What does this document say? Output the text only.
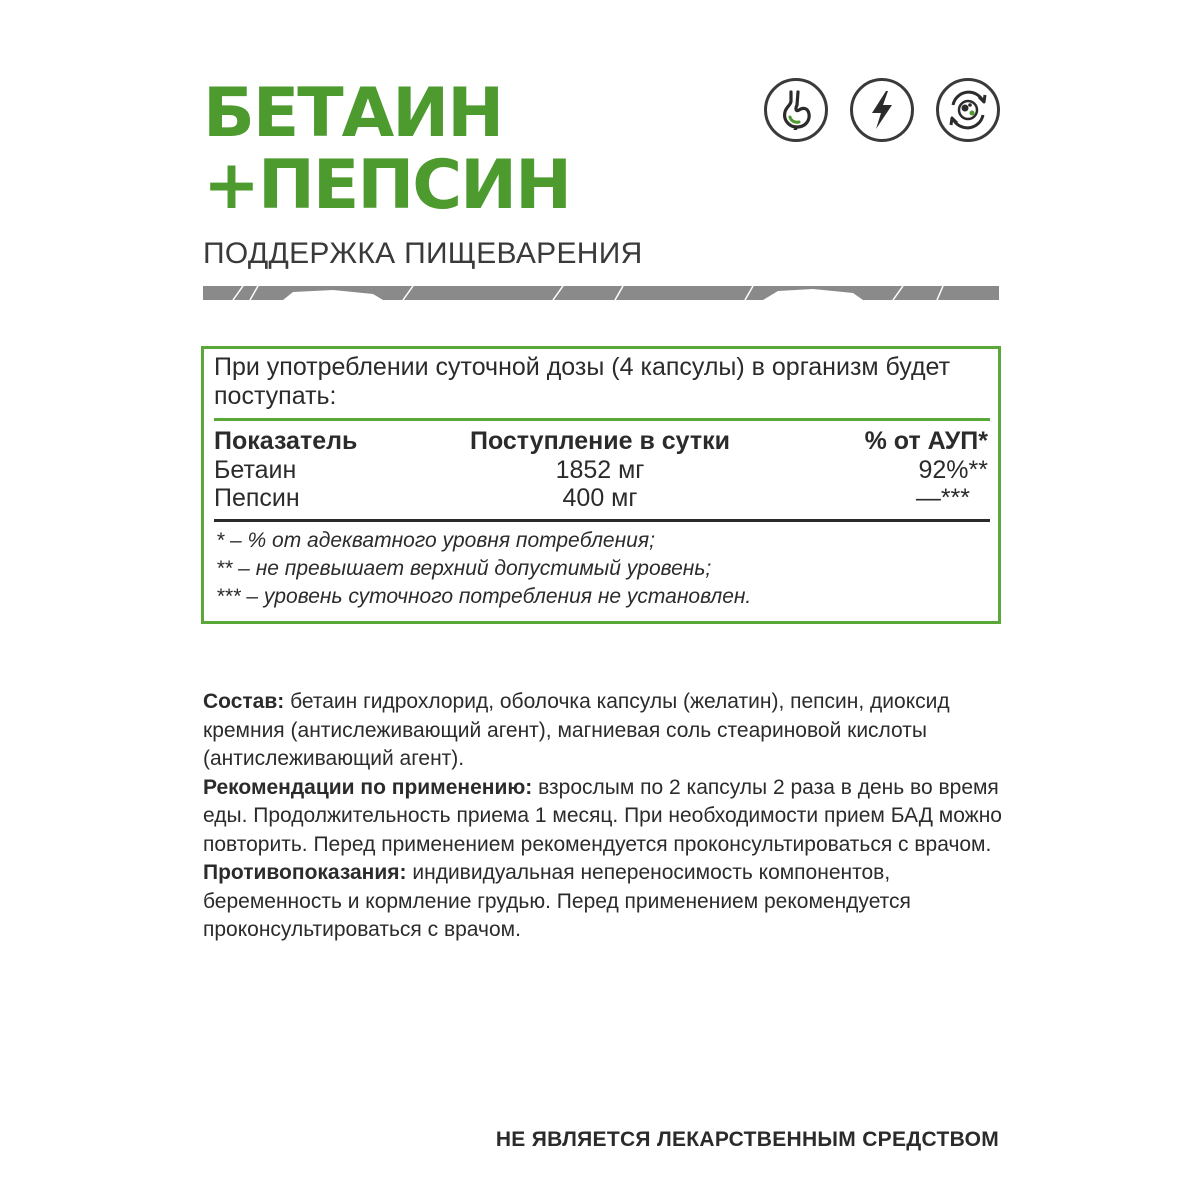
БЕТАИН
+ПЕПСИН

ПОДДЕРЖКА ПИЩЕВАРЕНИЯ

При употреблении суточной дозы (4 капсулы) в организм будет поступать:
Показатель	Поступление в сутки	% от АУП*
Бетаин	1852 мг	92%**
Пепсин	400 мг	—***
* – % от адекватного уровня потребления;
** – не превышает верхний допустимый уровень;
*** – уровень суточного потребления не установлен.

Состав: бетаин гидрохлорид, оболочка капсулы (желатин), пепсин, диоксид кремния (антислеживающий агент), магниевая соль стеариновой кислоты (антислеживающий агент).

Рекомендации по применению: взрослым по 2 капсулы 2 раза в день во время еды. Продолжительность приема 1 месяц. При необходимости прием БАД можно повторить. Перед применением рекомендуется проконсультироваться с врачом.

Противопоказания: индивидуальная непереносимость компонентов, беременность и кормление грудью. Перед применением рекомендуется проконсультироваться с врачом.

НЕ ЯВЛЯЕТСЯ ЛЕКАРСТВЕННЫМ СРЕДСТВОМ
